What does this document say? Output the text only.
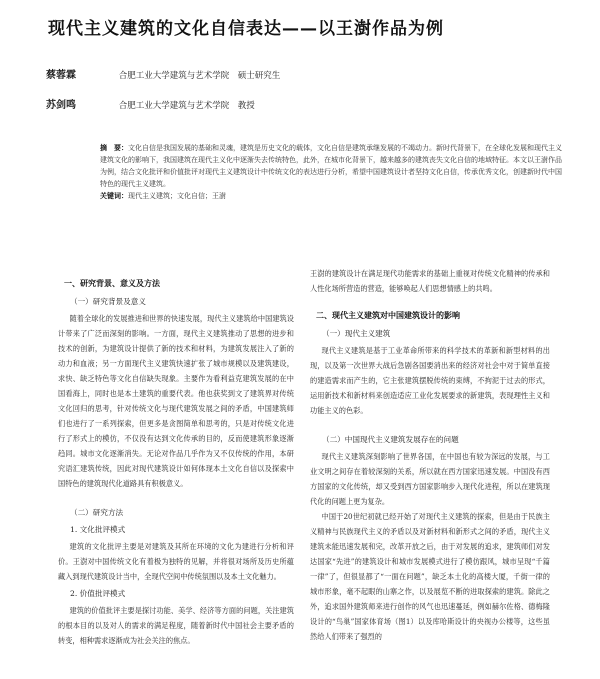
现代主义建筑的文化自信表达——以王澍作品为例
蔡蓉霖	合肥工业大学建筑与艺术学院　硕士研究生
苏剑鸣	合肥工业大学建筑与艺术学院　教授
摘　要：文化自信是我国发展的基础和灵魂，建筑是历史文化的载体，文化自信是建筑承继发展的不竭动力。新时代背景下，在全球化发展和现代主义建筑文化的影响下，我国建筑在现代主义化中逐渐失去传统特色，此外，在城市化背景下，越来越多的建筑丧失文化自信的地域特征。本文以王澍作品为例，结合文化批评和价值批评对现代主义建筑设计中传统文化的表达进行分析，希望中国建筑设计者坚持文化自信，传承优秀文化，创建新时代中国特色的现代主义建筑。
关键词：现代主义建筑；文化自信；王澍
一、研究背景、意义及方法
（一）研究背景及意义

随着全球化的发展推进和世界的快速发展，现代主义建筑给中国建筑设计带来了广泛而深刻的影响。一方面，现代主义建筑推动了思想的进步和技术的创新，为建筑设计提供了新的技术和材料，为建筑发展注入了新的动力和血液；另一方面现代主义建筑快速扩张了城市规模以及建筑建设，求快、缺乏特色等文化自信缺失现象。主要作为看利益克建筑发展的在中国看海上，同时也是本土建筑的重要代表。他也获奖到文了建筑界对传统文化回归的思考，针对传统文化与现代建筑发展之间的矛盾，中国建筑师们也进行了一系列探索，但更多是贪图简单和思考的，只是对传统文化进行了形式上的模仿，不仅没有达到文化传承的目的，反而使建筑形象逐渐趋同。城市文化逐渐消失。无论对作品几乎作为又不仅传统的作用，本研究语汇建筑传统，因此对现代建筑设计如何体现本土文化自信以及探索中国特色的建筑现代化道路具有积极意义。

（二）研究方法
1. 文化批评模式

建筑的文化批评主要是对建筑及其所在环境的文化为建进行分析和评价。王澍对中国传统文化有着极为独特的见解，并将很对场所及历史所蕴藏入到现代建筑设计当中，全现代空间中传统氛围以及本土文化魅力。

2. 价值批评模式

建筑的价值批评主要是探讨功能、美学、经济等方面的问题，关注建筑的根本目的以及对人的需求的满足程度，随着新时代中国社会主要矛盾的转变，相种需求逐渐成为社会关注的焦点。

王澍的建筑设计在满足现代功能需求的基础上重视对传统文化精神的传承和人性化场所营造的营造，能够唤起人们思想情感上的共鸣。

二、现代主义建筑对中国建筑设计的影响
（一）现代主义建筑

现代主义建筑是基于工业革命所带来的科学技术的革新和新型材料的出现，以及第一次世界大战后急剧各国要消出来的经济对社会中对于简单直接的建造需求而产生的，它主张建筑摆脱传统的束缚，不拘泥于过去的形式，运用新技术和新材料来创造适应工业化发展要求的新建筑，表现理性主义和功能主义的色彩。

（二）中国现代主义建筑发展存在的问题

现代主义建筑深刻影响了世界各国，在中国也有较为深远的发展，与工业文明之间存在着较深刻的关系，所以就在西方国家迅速发展。中国没有西方国家的文化传统，却又受到西方国家影响步入现代化进程，所以在建筑现代化的问题上更为复杂。

中国于20世纪初就已经开始了对现代主义建筑的探索，但是由于民族主义精神与民族现代主义的矛盾以及对新材料和新形式之间的矛盾，现代主义建筑未能迅速发展和完，改革开放之后，由于对发展的追求，建筑师们对发达国家“先进”的建筑设计和城市发展模式进行了模仿跟风，城市呈现“千篇一律”了，但很显都了“一面在问题”，缺乏本土化的高楼大厦，千街一律的城市形象，毫不起眼的山寨之作，以及展览不断的进取探索的建筑。除此之外，追求国外建筑师来进行创作的风气也迅速蔓延，例如赫尔佐格、德梅隆设计的“鸟巢”国家体育场（图1）以及库哈斯设计的央视办公楼等，这些虽然给人们带来了强烈的
